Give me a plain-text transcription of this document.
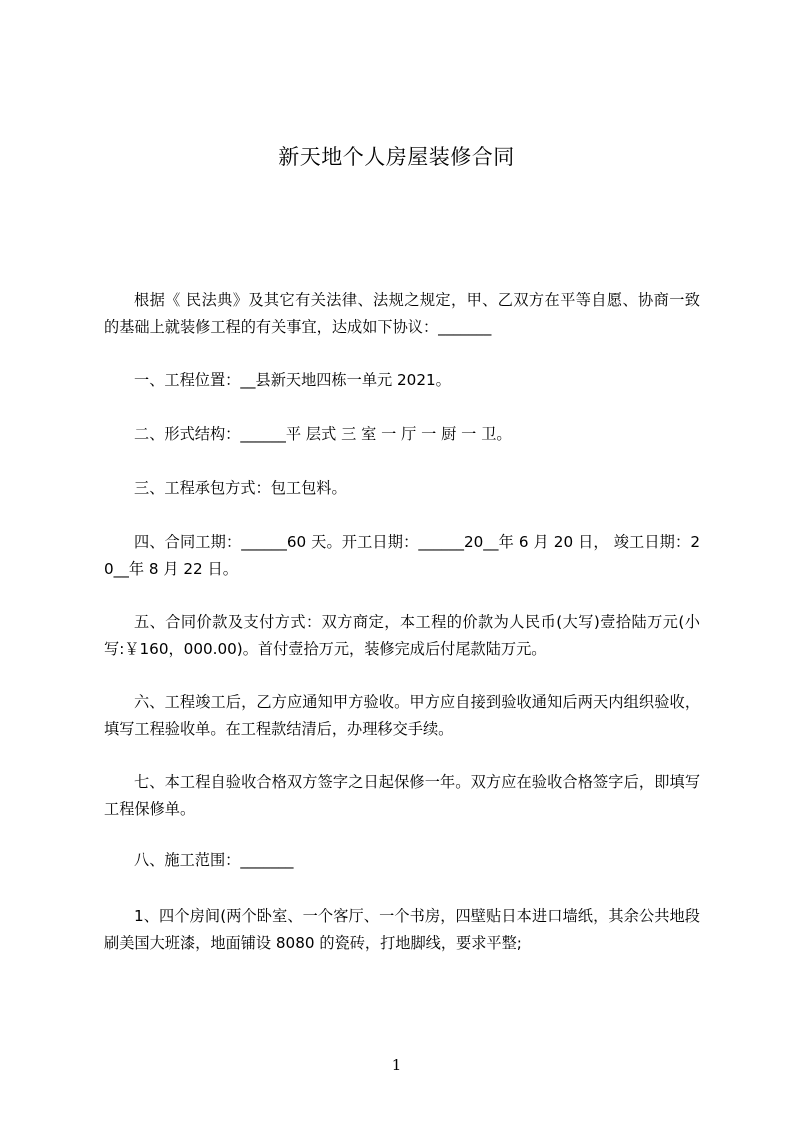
新天地个人房屋装修合同

根据《 民法典》及其它有关法律、法规之规定，甲、乙双方在平等自愿、协商一致的基础上就装修工程的有关事宜，达成如下协议：_______

一、工程位置：__县新天地四栋一单元 2021。

二、形式结构：______平 层式 三 室 一 厅 一 厨 一 卫。

三、工程承包方式：包工包料。

四、合同工期：______60 天。开工日期：______20__年 6 月 20 日， 竣工日期：20__年 8 月 22 日。

五、合同价款及支付方式：双方商定，本工程的价款为人民币(大写)壹拾陆万元(小写:￥160，000.00)。首付壹拾万元，装修完成后付尾款陆万元。

六、工程竣工后，乙方应通知甲方验收。甲方应自接到验收通知后两天内组织验收，填写工程验收单。在工程款结清后，办理移交手续。

七、本工程自验收合格双方签字之日起保修一年。双方应在验收合格签字后，即填写工程保修单。

八、施工范围：_______

1、四个房间(两个卧室、一个客厅、一个书房，四壁贴日本进口墙纸，其余公共地段刷美国大班漆，地面铺设 8080 的瓷砖，打地脚线，要求平整;

1
